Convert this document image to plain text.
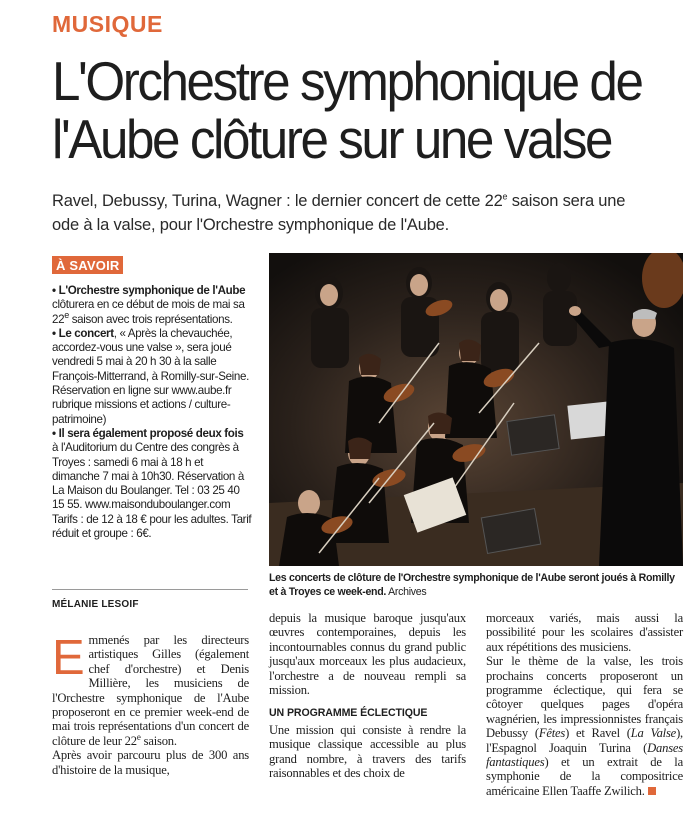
MUSIQUE
L'Orchestre symphonique de
l'Aube clôture sur une valse
Ravel, Debussy, Turina, Wagner : le dernier concert de cette 22e saison sera une ode à la valse, pour l'Orchestre symphonique de l'Aube.
À SAVOIR

• L'Orchestre symphonique de l'Aube clôturera en ce début de mois de mai sa 22e saison avec trois représentations.

• Le concert, « Après la chevauchée, accordez-vous une valse », sera joué vendredi 5 mai à 20 h 30 à la salle François-Mitterrand, à Romilly-sur-Seine. Réservation en ligne sur www.aube.fr rubrique missions et actions / culture-patrimoine)

• Il sera également proposé deux fois à l'Auditorium du Centre des congrès à Troyes : samedi 6 mai à 18 h et dimanche 7 mai à 10h30. Réservation à La Maison du Boulanger. Tel : 03 25 40 15 55. www.maisonduboulanger.com Tarifs : de 12 à 18 € pour les adultes. Tarif réduit et groupe : 6€.

Les concerts de clôture de l'Orchestre symphonique de l'Aube seront joués à Romilly et à Troyes ce week-end. Archives
MÉLANIE LESOIF

Emmenés par les directeurs artistiques Gilles (également chef d'orchestre) et Denis Millière, les musiciens de l'Orchestre symphonique de l'Aube proposeront en ce premier week-end de mai trois représentations d'un concert de clôture de leur 22e saison.

Après avoir parcouru plus de 300 ans d'histoire de la musique,

depuis la musique baroque jusqu'aux œuvres contemporaines, depuis les incontournables connus du grand public jusqu'aux morceaux les plus audacieux, l'orchestre a de nouveau rempli sa mission.

UN PROGRAMME ÉCLECTIQUE

Une mission qui consiste à rendre la musique classique accessible au plus grand nombre, à travers des tarifs raisonnables et des choix de

morceaux variés, mais aussi la possibilité pour les scolaires d'assister aux répétitions des musiciens.

Sur le thème de la valse, les trois prochains concerts proposeront un programme éclectique, qui fera se côtoyer quelques pages d'opéra wagnérien, les impressionnistes français Debussy (Fêtes) et Ravel (La Valse), l'Espagnol Joaquin Turina (Danses fantastiques) et un extrait de la symphonie de la compositrice américaine Ellen Taaffe Zwilich.
